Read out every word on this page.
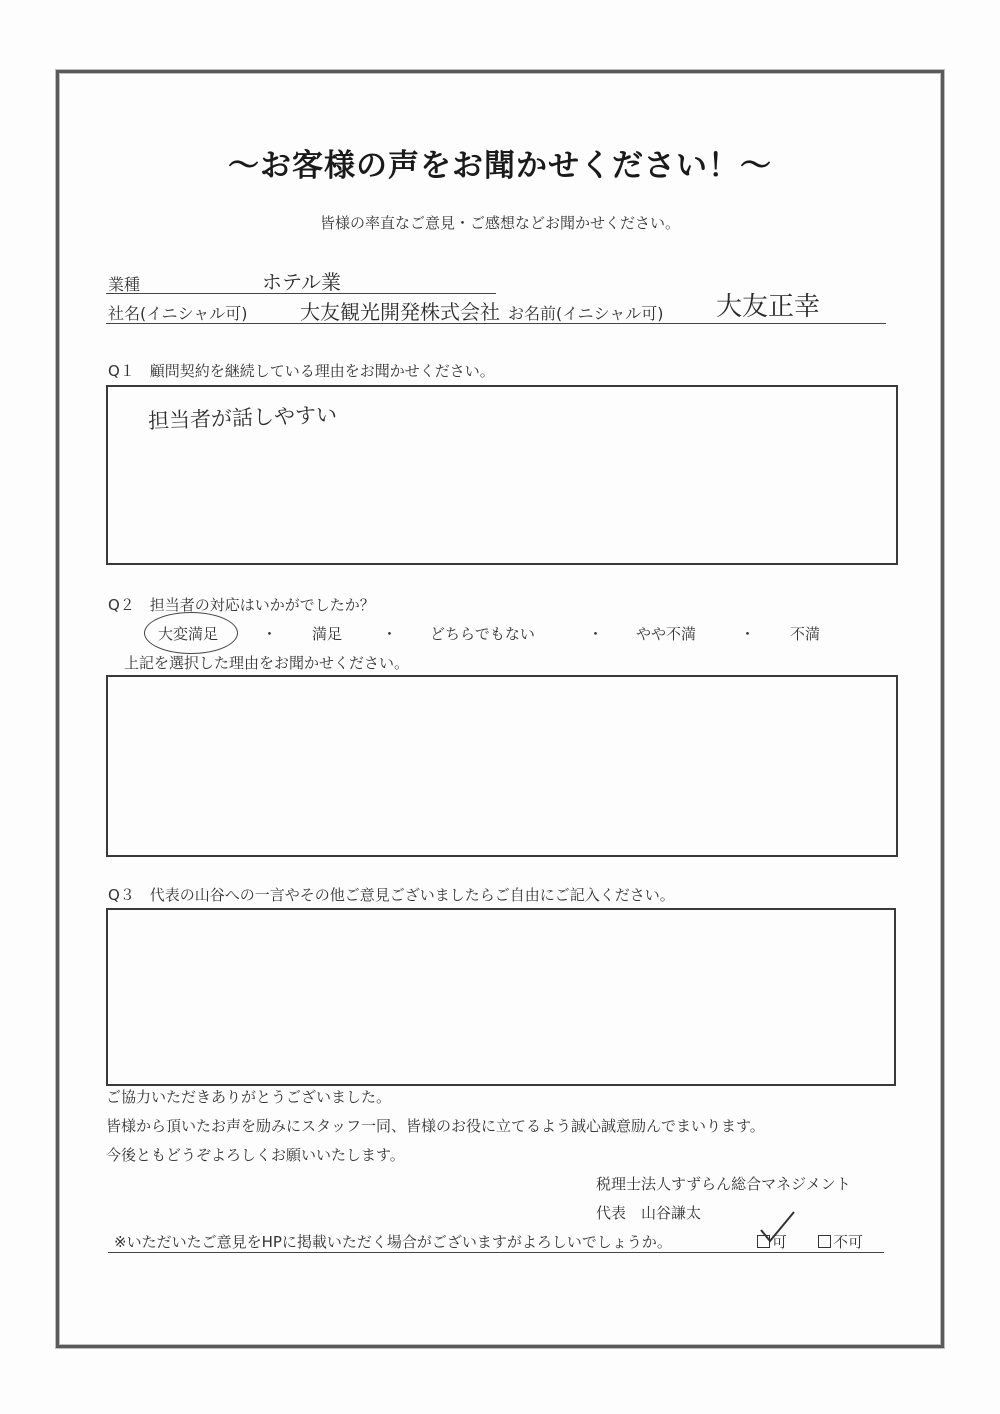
～お客様の声をお聞かせください！～
皆様の率直なご意見・ご感想などお聞かせください。
業種	ホテル業
社名(イニシャル可)	大友観光開発株式会社 お名前(イニシャル可) 大友正幸
Q１　顧問契約を継続している理由をお聞かせください。
担当者が話しやすい
Q２　担当者の対応はいかがでしたか？
大変満足	・ 満足	・ どちらでもない	・ やや不満	・ 不満
上記を選択した理由をお聞かせください。
Q３　代表の山谷への一言やその他ご意見ございましたらご自由にご記入ください。
ご協力いただきありがとうございました。
皆様から頂いたお声を励みにスタッフ一同、皆様のお役に立てるよう誠心誠意励んでまいります。
今後ともどうぞよろしくお願いいたします。
税理士法人すずらん総合マネジメント
代表　山谷謙太
※いただいたご意見をHPに掲載いただく場合がございますがよろしいでしょうか。	可	不可
